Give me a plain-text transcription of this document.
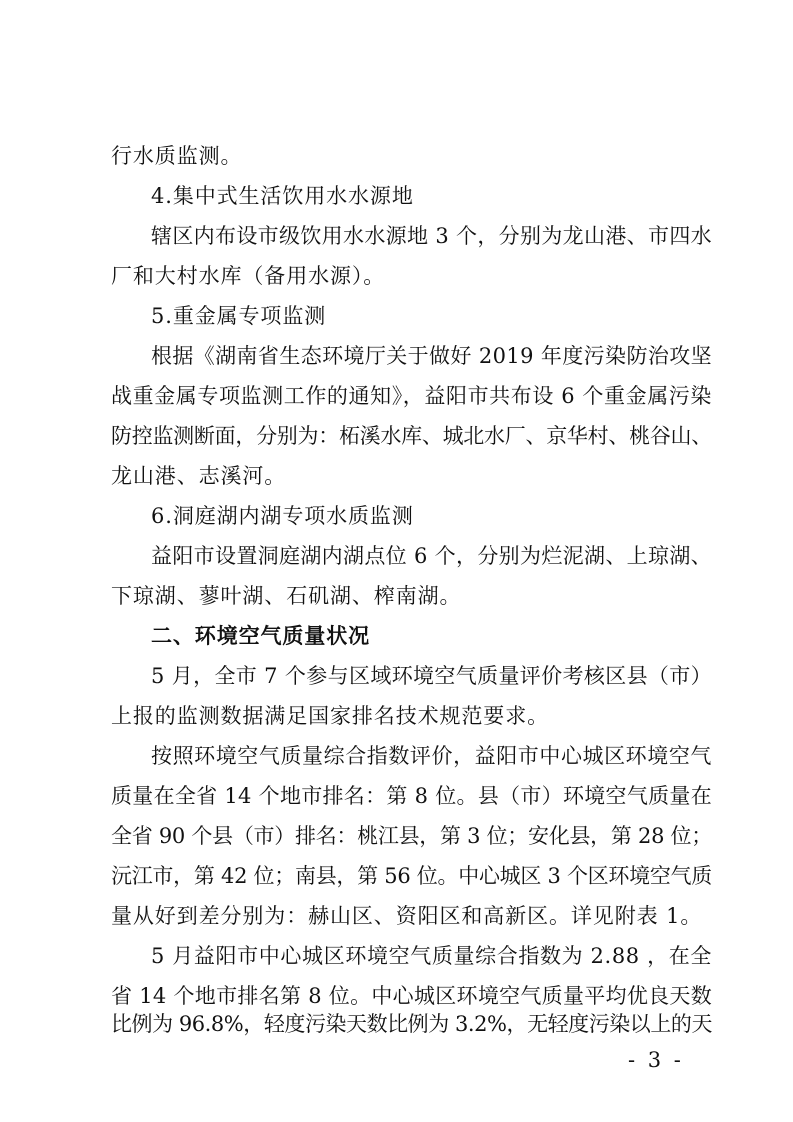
行水质监测。
4.集中式生活饮用水水源地
辖区内布设市级饮用水水源地 3 个，分别为龙山港、市四水
厂和大村水库（备用水源）。
5.重金属专项监测
根据《湖南省生态环境厅关于做好 2019 年度污染防治攻坚
战重金属专项监测工作的通知》，益阳市共布设 6 个重金属污染
防控监测断面，分别为：柘溪水库、城北水厂、京华村、桃谷山、
龙山港、志溪河。
6.洞庭湖内湖专项水质监测
益阳市设置洞庭湖内湖点位 6 个，分别为烂泥湖、上琼湖、
下琼湖、蓼叶湖、石矶湖、榨南湖。
二、环境空气质量状况
5 月，全市 7 个参与区域环境空气质量评价考核区县（市）
上报的监测数据满足国家排名技术规范要求。
按照环境空气质量综合指数评价，益阳市中心城区环境空气
质量在全省 14 个地市排名：第 8 位。县（市）环境空气质量在
全省 90 个县（市）排名：桃江县，第 3 位；安化县，第 28 位；
沅江市，第 42 位；南县，第 56 位。中心城区 3 个区环境空气质
量从好到差分别为：赫山区、资阳区和高新区。详见附表 1。
5 月益阳市中心城区环境空气质量综合指数为 2.88 ，在全
省 14 个地市排名第 8 位。中心城区环境空气质量平均优良天数
比例为 96.8%，轻度污染天数比例为 3.2%，无轻度污染以上的天
- 3 -
